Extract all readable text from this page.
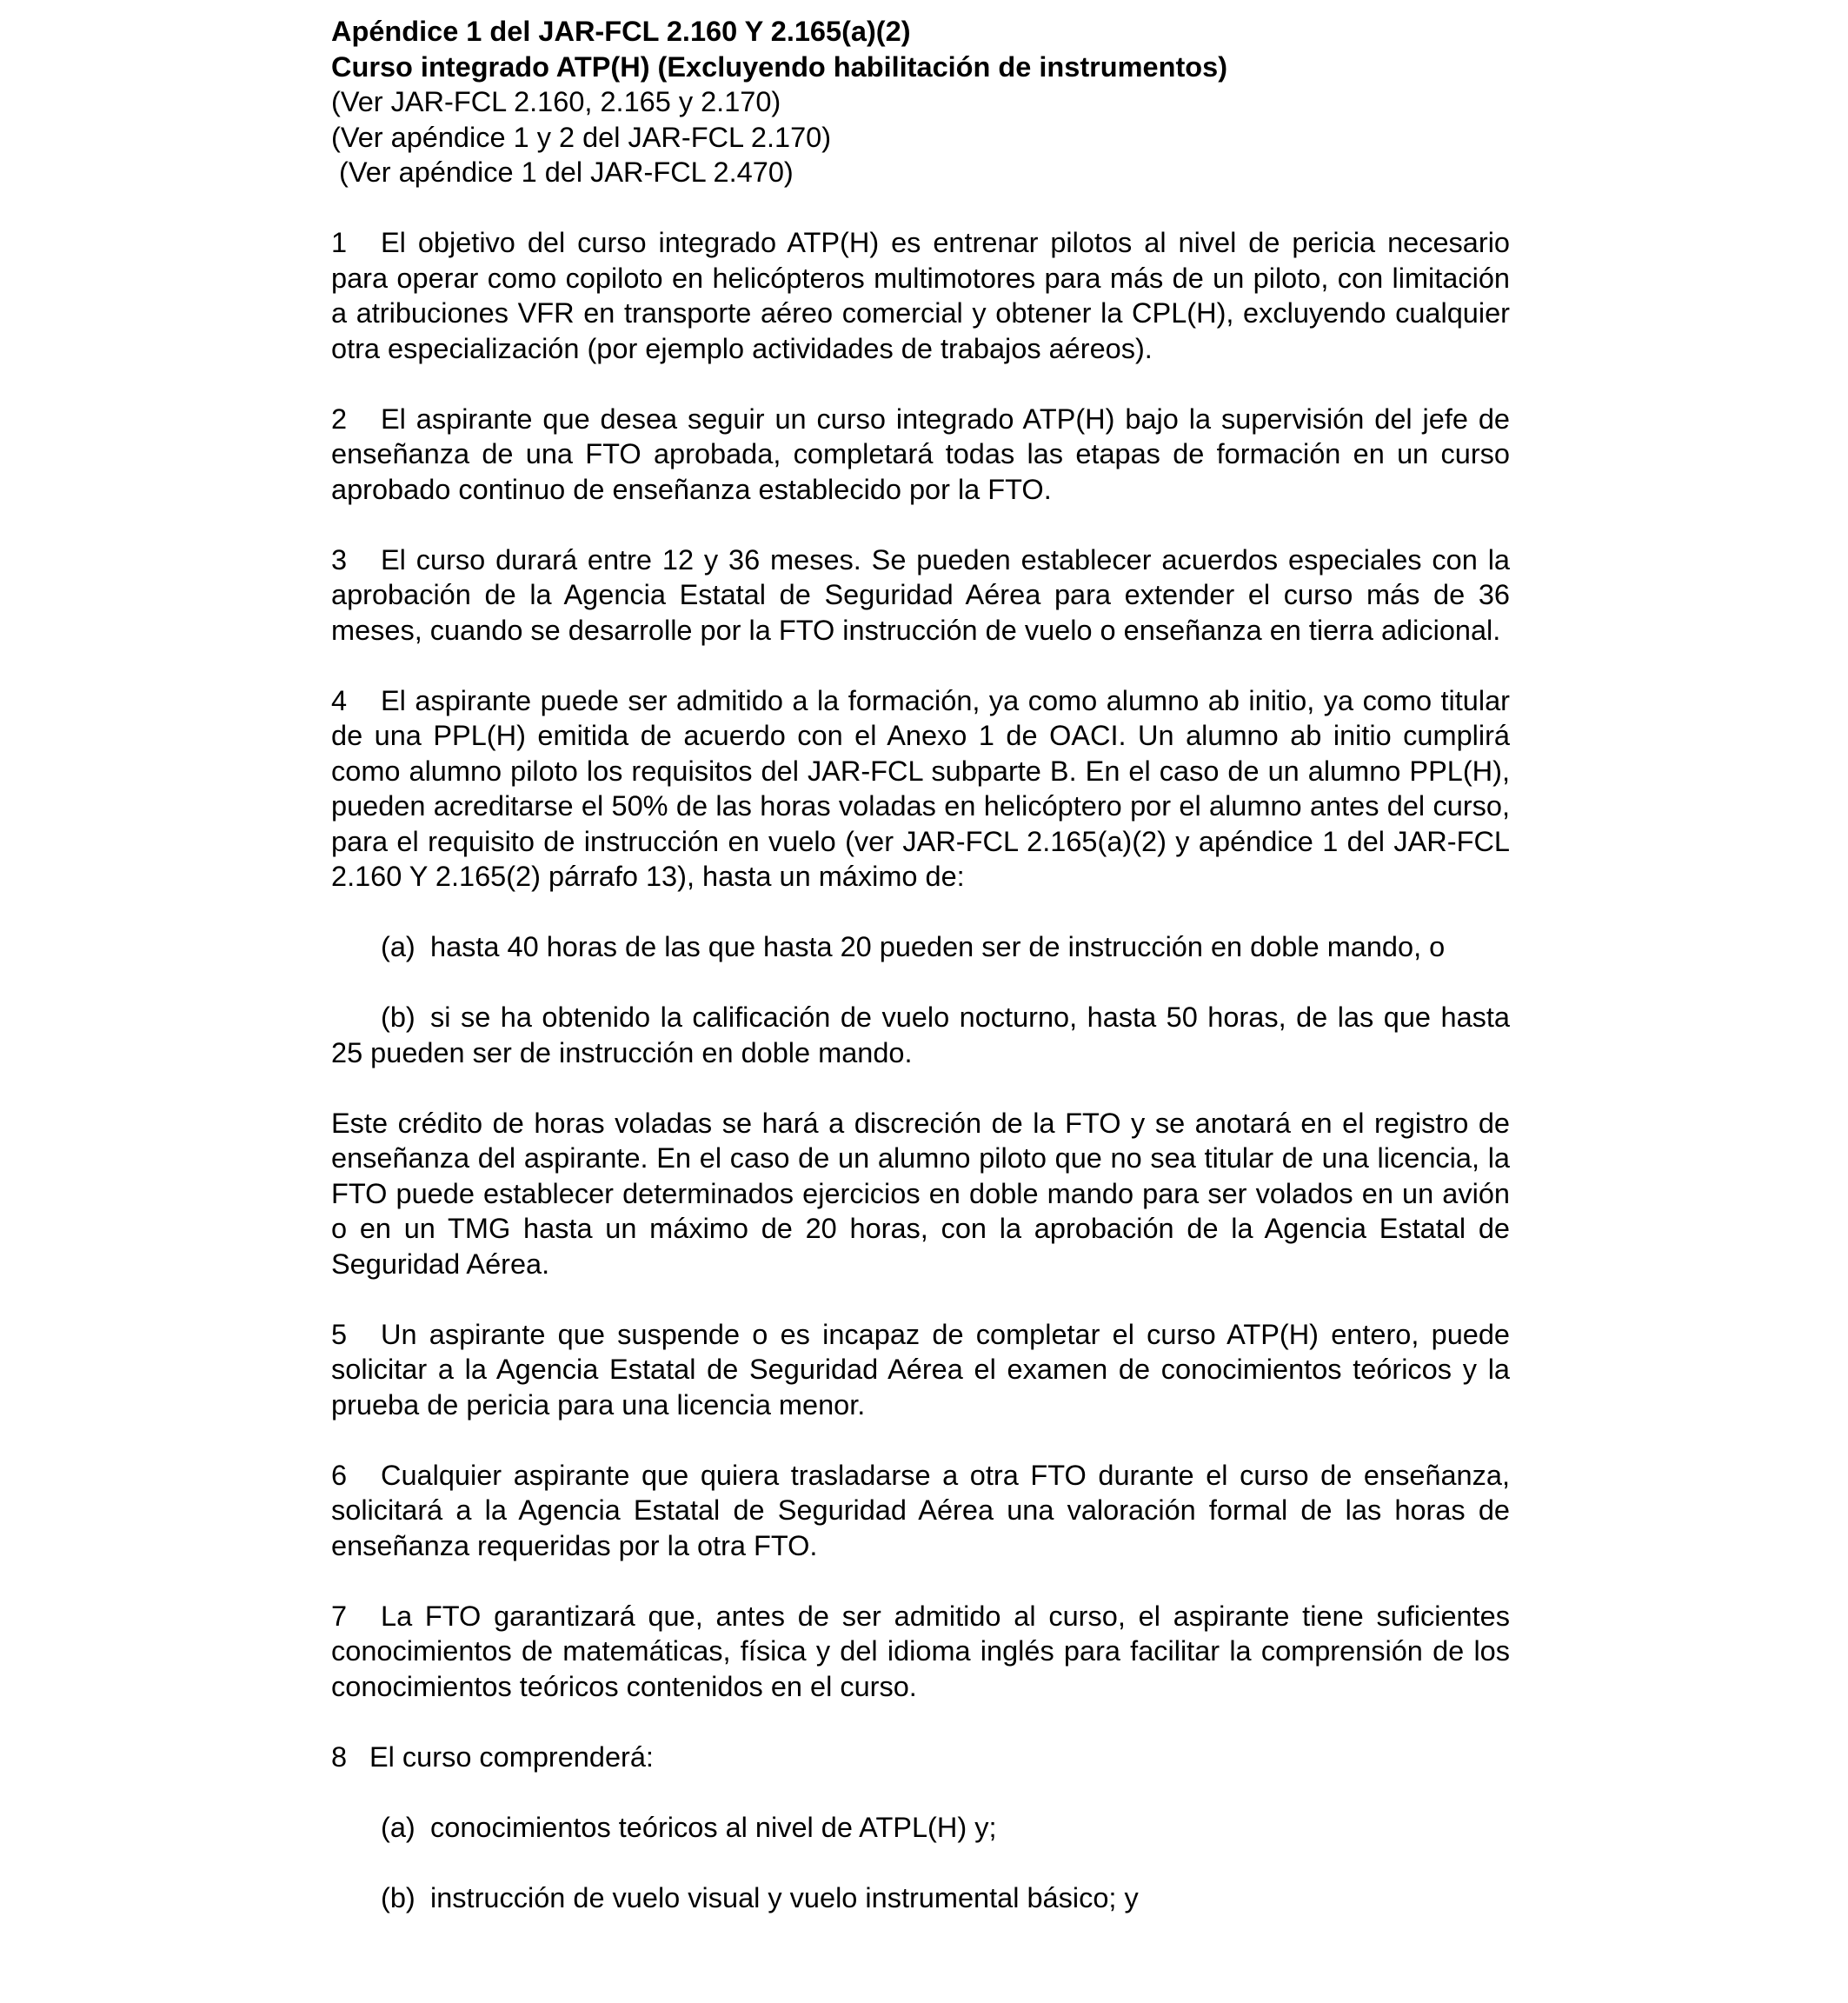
Apéndice 1 del JAR-FCL 2.160 Y 2.165(a)(2)
Curso integrado ATP(H) (Excluyendo habilitación de instrumentos)
(Ver JAR-FCL 2.160, 2.165 y 2.170)
(Ver apéndice 1 y 2 del JAR-FCL 2.170)
(Ver apéndice 1 del JAR-FCL 2.470)

1 El objetivo del curso integrado ATP(H) es entrenar pilotos al nivel de pericia necesario para operar como copiloto en helicópteros multimotores para más de un piloto, con limitación a atribuciones VFR en transporte aéreo comercial y obtener la CPL(H), excluyendo cualquier otra especialización (por ejemplo actividades de trabajos aéreos).

2 El aspirante que desea seguir un curso integrado ATP(H) bajo la supervisión del jefe de enseñanza de una FTO aprobada, completará todas las etapas de formación en un curso aprobado continuo de enseñanza establecido por la FTO.

3 El curso durará entre 12 y 36 meses. Se pueden establecer acuerdos especiales con la aprobación de la Agencia Estatal de Seguridad Aérea para extender el curso más de 36 meses, cuando se desarrolle por la FTO instrucción de vuelo o enseñanza en tierra adicional.

4 El aspirante puede ser admitido a la formación, ya como alumno ab initio, ya como titular de una PPL(H) emitida de acuerdo con el Anexo 1 de OACI. Un alumno ab initio cumplirá como alumno piloto los requisitos del JAR-FCL subparte B. En el caso de un alumno PPL(H), pueden acreditarse el 50% de las horas voladas en helicóptero por el alumno antes del curso, para el requisito de instrucción en vuelo (ver JAR-FCL 2.165(a)(2) y apéndice 1 del JAR-FCL 2.160 Y 2.165(2) párrafo 13), hasta un máximo de:

(a) hasta 40 horas de las que hasta 20 pueden ser de instrucción en doble mando, o

(b) si se ha obtenido la calificación de vuelo nocturno, hasta 50 horas, de las que hasta 25 pueden ser de instrucción en doble mando.

Este crédito de horas voladas se hará a discreción de la FTO y se anotará en el registro de enseñanza del aspirante. En el caso de un alumno piloto que no sea titular de una licencia, la FTO puede establecer determinados ejercicios en doble mando para ser volados en un avión o en un TMG hasta un máximo de 20 horas, con la aprobación de la Agencia Estatal de Seguridad Aérea.

5 Un aspirante que suspende o es incapaz de completar el curso ATP(H) entero, puede solicitar a la Agencia Estatal de Seguridad Aérea el examen de conocimientos teóricos y la prueba de pericia para una licencia menor.

6 Cualquier aspirante que quiera trasladarse a otra FTO durante el curso de enseñanza, solicitará a la Agencia Estatal de Seguridad Aérea una valoración formal de las horas de enseñanza requeridas por la otra FTO.

7 La FTO garantizará que, antes de ser admitido al curso, el aspirante tiene suficientes conocimientos de matemáticas, física y del idioma inglés para facilitar la comprensión de los conocimientos teóricos contenidos en el curso.

8 El curso comprenderá:

(a) conocimientos teóricos al nivel de ATPL(H) y;

(b) instrucción de vuelo visual y vuelo instrumental básico; y
